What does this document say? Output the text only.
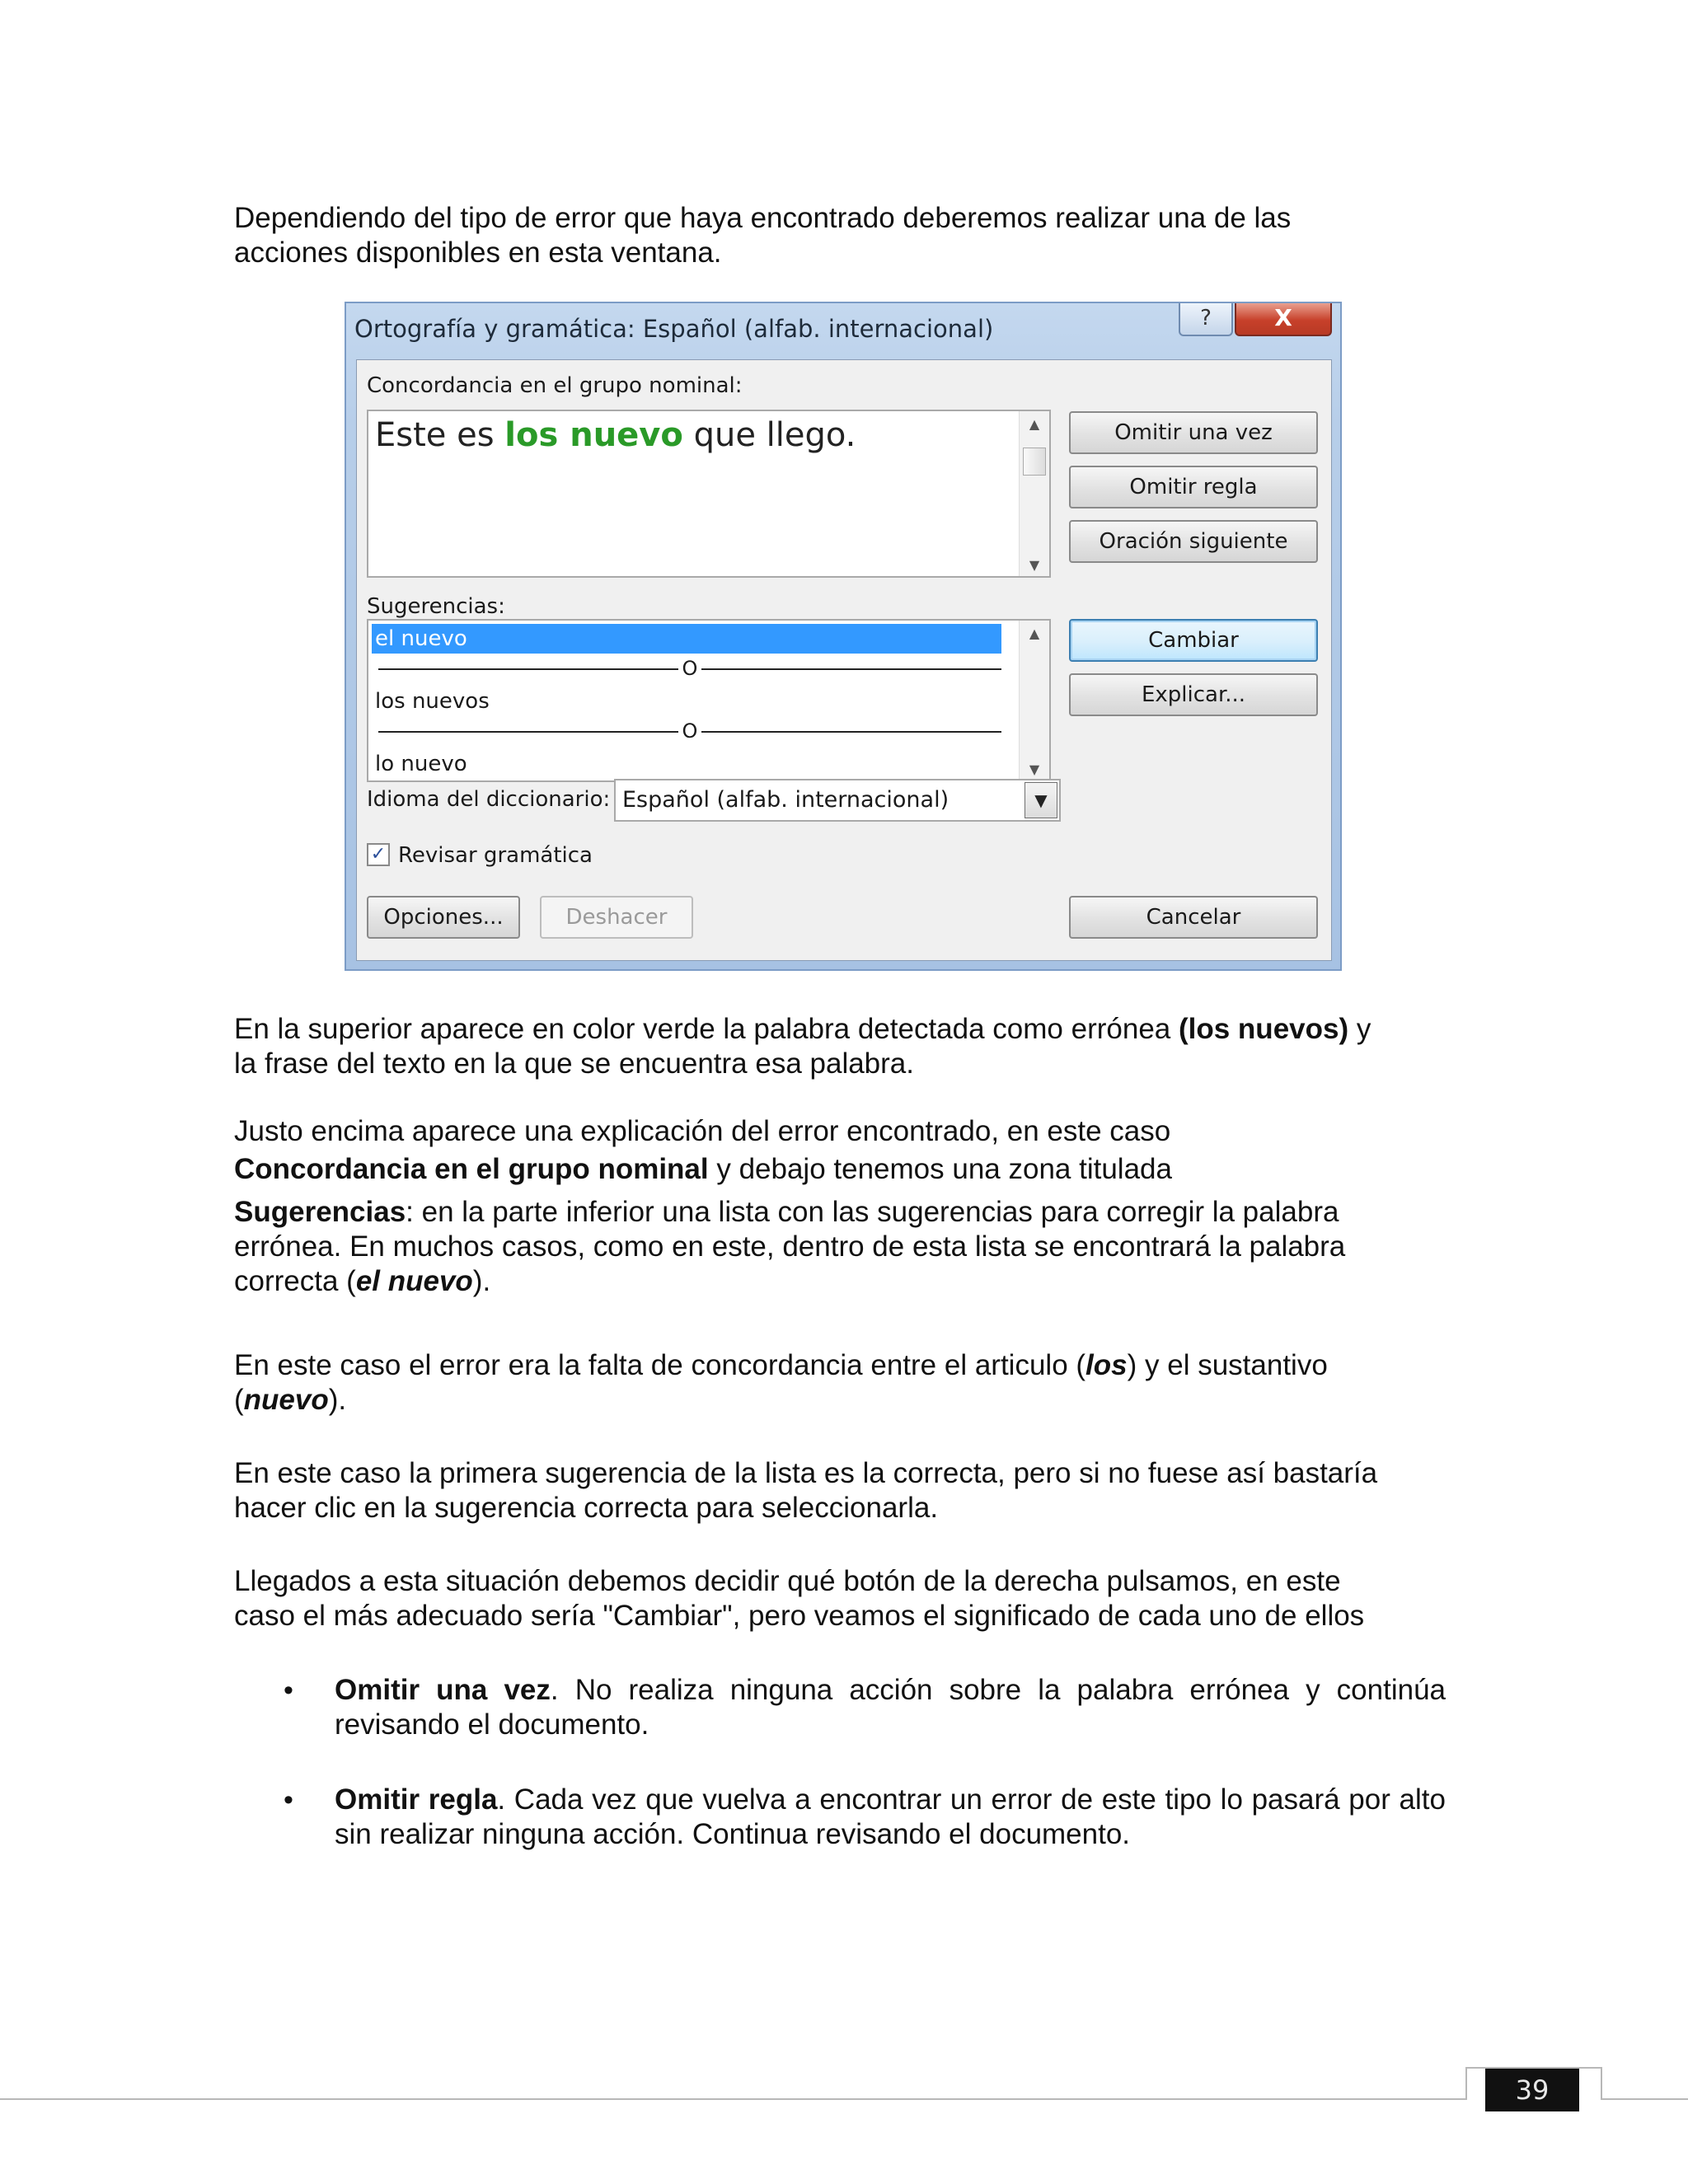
Dependiendo del tipo de error que haya encontrado deberemos realizar una de las

acciones disponibles en esta ventana.

Ortografía y gramática: Español (alfab. internacional)	?	X
Concordancia en el grupo nominal:
Este es los nuevo que llego.	▲
▼
Omitir una vez
Omitir regla
Oración siguiente
Sugerencias:
el nuevo
O
los nuevos
O
lo nuevo
▲
▼
Cambiar
Explicar...
Idioma del diccionario: Español (alfab. internacional)	▼
✓ Revisar gramática
Opciones...	Deshacer	Cancelar

En la superior aparece en color verde la palabra detectada como errónea (los nuevos) y

la frase del texto en la que se encuentra esa palabra.

Justo encima aparece una explicación del error encontrado, en este caso

Concordancia en el grupo nominal y debajo tenemos una zona titulada

Sugerencias: en la parte inferior una lista con las sugerencias para corregir la palabra

errónea. En muchos casos, como en este, dentro de esta lista se encontrará la palabra

correcta (el nuevo).

En este caso el error era la falta de concordancia entre el articulo (los) y el sustantivo

(nuevo).

En este caso la primera sugerencia de la lista es la correcta, pero si no fuese así bastaría

hacer clic en la sugerencia correcta para seleccionarla.

Llegados a esta situación debemos decidir qué botón de la derecha pulsamos, en este

caso el más adecuado sería "Cambiar", pero veamos el significado de cada uno de ellos

• Omitir una vez. No realiza ninguna acción sobre la palabra errónea y continúa revisando el documento.
• Omitir regla. Cada vez que vuelva a encontrar un error de este tipo lo pasará por alto sin realizar ninguna acción. Continua revisando el documento.
39
